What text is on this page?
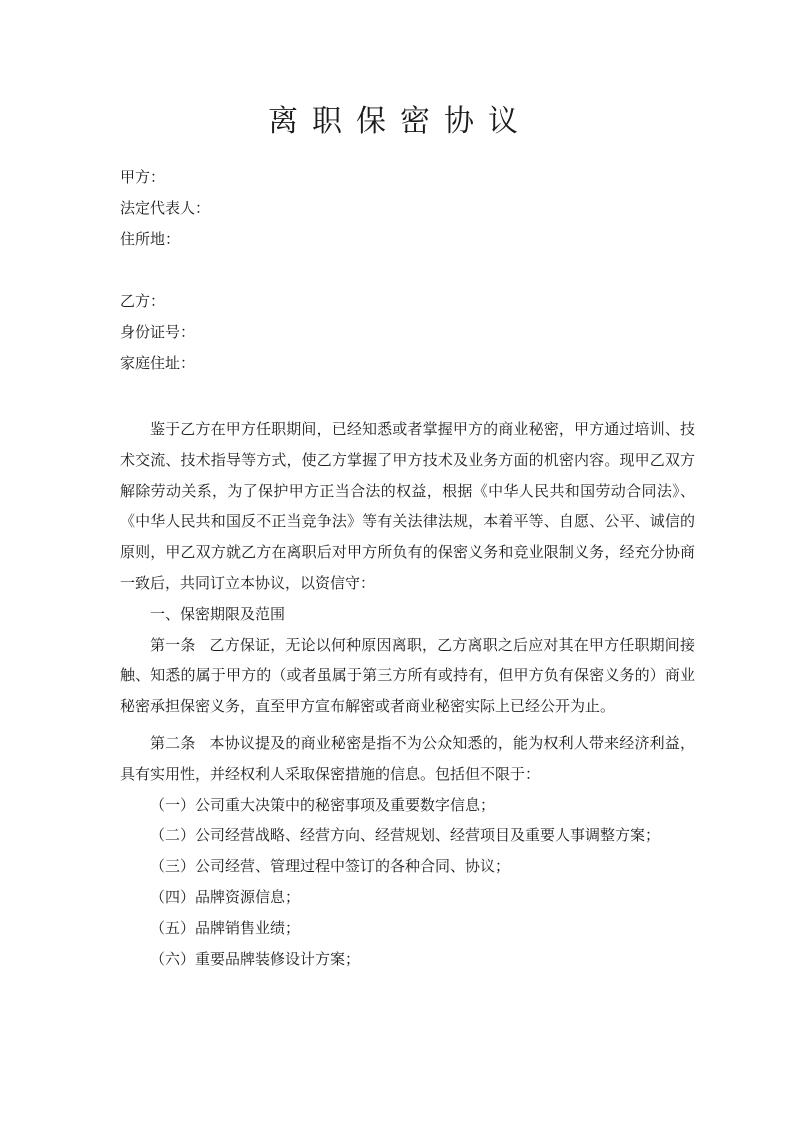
离职保密协议
甲方：
法定代表人：
住所地：
乙方：
身份证号：
家庭住址：

鉴于乙方在甲方任职期间，已经知悉或者掌握甲方的商业秘密，甲方通过培训、技术交流、技术指导等方式，使乙方掌握了甲方技术及业务方面的机密内容。现甲乙双方解除劳动关系，为了保护甲方正当合法的权益，根据《中华人民共和国劳动合同法》、《中华人民共和国反不正当竞争法》等有关法律法规，本着平等、自愿、公平、诚信的原则，甲乙双方就乙方在离职后对甲方所负有的保密义务和竞业限制义务，经充分协商一致后，共同订立本协议，以资信守：

一、保密期限及范围

第一条 乙方保证，无论以何种原因离职，乙方离职之后应对其在甲方任职期间接触、知悉的属于甲方的（或者虽属于第三方所有或持有，但甲方负有保密义务的）商业秘密承担保密义务，直至甲方宣布解密或者商业秘密实际上已经公开为止。

第二条 本协议提及的商业秘密是指不为公众知悉的，能为权利人带来经济利益，具有实用性，并经权利人采取保密措施的信息。包括但不限于：

（一）公司重大决策中的秘密事项及重要数字信息；
（二）公司经营战略、经营方向、经营规划、经营项目及重要人事调整方案；
（三）公司经营、管理过程中签订的各种合同、协议；
（四）品牌资源信息；
（五）品牌销售业绩；
（六）重要品牌装修设计方案；
